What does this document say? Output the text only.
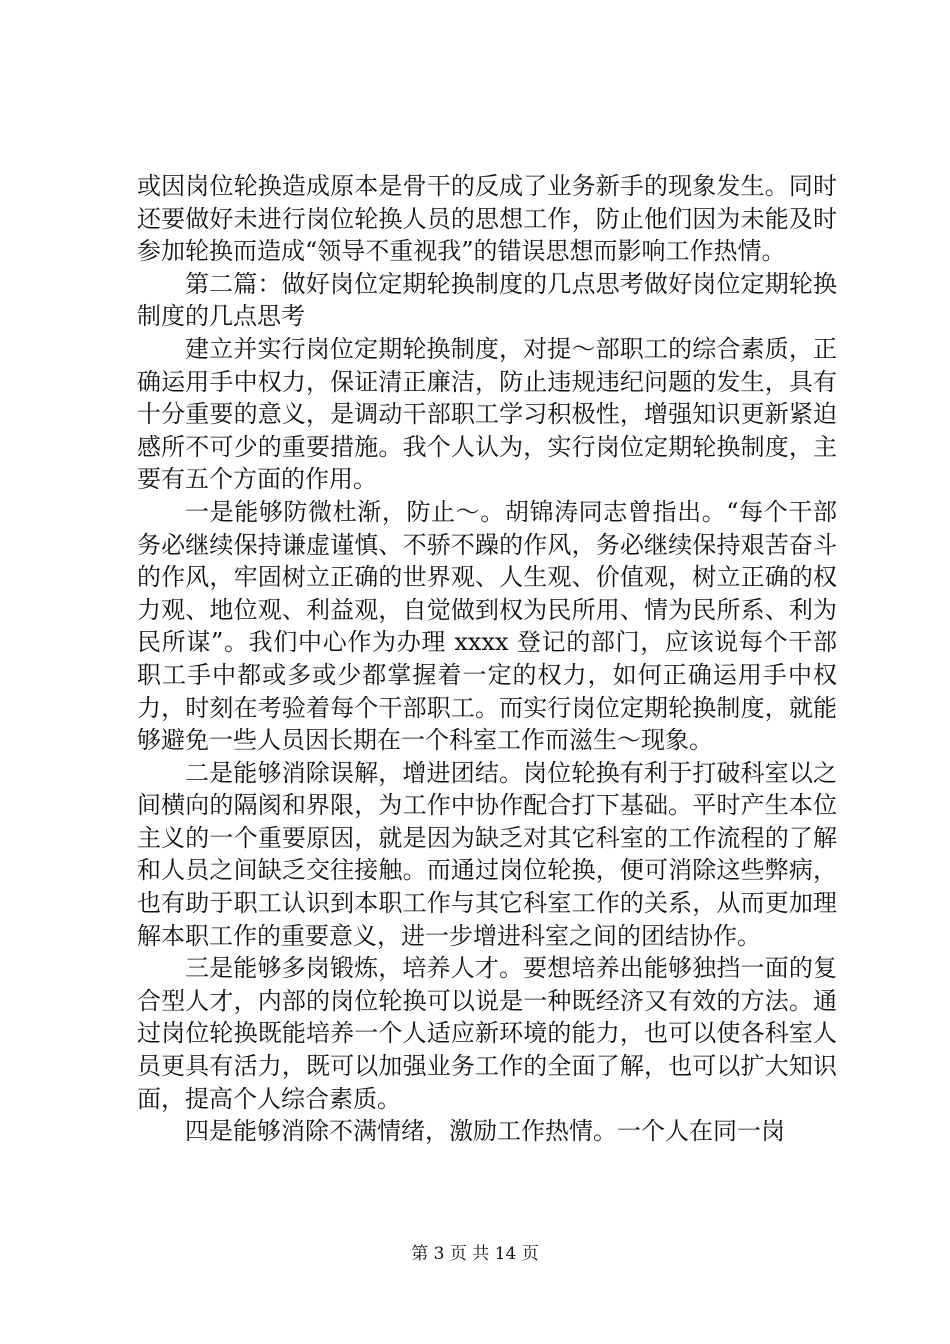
或因岗位轮换造成原本是骨干的反成了业务新手的现象发生。同时还要做好未进行岗位轮换人员的思想工作，防止他们因为未能及时参加轮换而造成“领导不重视我”的错误思想而影响工作热情。

第二篇：做好岗位定期轮换制度的几点思考做好岗位定期轮换制度的几点思考

建立并实行岗位定期轮换制度，对提～部职工的综合素质，正确运用手中权力，保证清正廉洁，防止违规违纪问题的发生，具有十分重要的意义，是调动干部职工学习积极性，增强知识更新紧迫感所不可少的重要措施。我个人认为，实行岗位定期轮换制度，主要有五个方面的作用。

一是能够防微杜渐，防止～。胡锦涛同志曾指出。“每个干部务必继续保持谦虚谨慎、不骄不躁的作风，务必继续保持艰苦奋斗的作风，牢固树立正确的世界观、人生观、价值观，树立正确的权力观、地位观、利益观，自觉做到权为民所用、情为民所系、利为民所谋”。我们中心作为办理 xxxx 登记的部门，应该说每个干部职工手中都或多或少都掌握着一定的权力，如何正确运用手中权力，时刻在考验着每个干部职工。而实行岗位定期轮换制度，就能够避免一些人员因长期在一个科室工作而滋生～现象。

二是能够消除误解，增进团结。岗位轮换有利于打破科室以之间横向的隔阂和界限，为工作中协作配合打下基础。平时产生本位主义的一个重要原因，就是因为缺乏对其它科室的工作流程的了解和人员之间缺乏交往接触。而通过岗位轮换，便可消除这些弊病，也有助于职工认识到本职工作与其它科室工作的关系，从而更加理解本职工作的重要意义，进一步增进科室之间的团结协作。

三是能够多岗锻炼，培养人才。要想培养出能够独挡一面的复合型人才，内部的岗位轮换可以说是一种既经济又有效的方法。通过岗位轮换既能培养一个人适应新环境的能力，也可以使各科室人员更具有活力，既可以加强业务工作的全面了解，也可以扩大知识面，提高个人综合素质。

四是能够消除不满情绪，激励工作热情。一个人在同一岗

第 3 页 共 14 页
